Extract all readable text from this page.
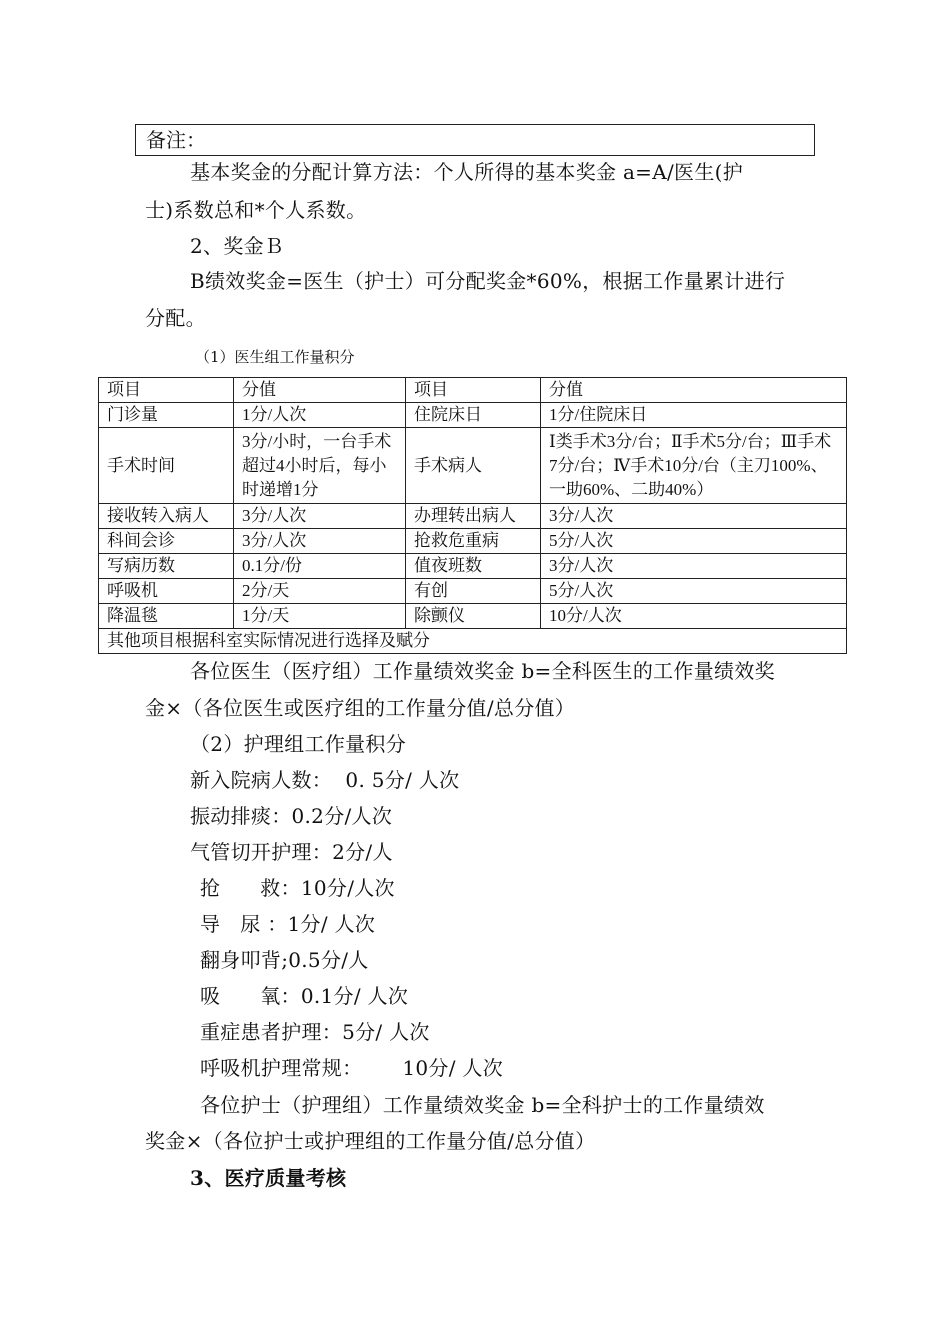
备注：
基本奖金的分配计算方法：个人所得的基本奖金 a=A/医生(护
士)系数总和*个人系数。
2、奖金Ｂ
B绩效奖金=医生（护士）可分配奖金*60%，根据工作量累计进行
分配。
（1）医生组工作量积分
项目	分值	项目	分值
门诊量	1分/人次	住院床日	1分/住院床日
手术时间	3分/小时，一台手术超过4小时后，每小时递增1分	手术病人	Ⅰ类手术3分/台；Ⅱ手术5分/台；Ⅲ手术7分/台；Ⅳ手术10分/台（主刀100%、一助60%、二助40%）
接收转入病人	3分/人次	办理转出病人	3分/人次
科间会诊	3分/人次	抢救危重病	5分/人次
写病历数	0.1分/份	值夜班数	3分/人次
呼吸机	2分/天	有创	5分/人次
降温毯	1分/天	除颤仪	10分/人次
其他项目根据科室实际情况进行选择及赋分			
各位医生（医疗组）工作量绩效奖金 b=全科医生的工作量绩效奖
金×（各位医生或医疗组的工作量分值/总分值）
（2）护理组工作量积分
新入院病人数：  0. 5分/ 人次
振动排痰：0.2分/人次
气管切开护理：2分/人
抢      救：10分/人次
导   尿 ：1分/ 人次
翻身叩背;0.5分/人
吸      氧：0.1分/ 人次
重症患者护理：5分/ 人次
呼吸机护理常规：      10分/ 人次
各位护士（护理组）工作量绩效奖金 b=全科护士的工作量绩效
奖金×（各位护士或护理组的工作量分值/总分值）
3、医疗质量考核
